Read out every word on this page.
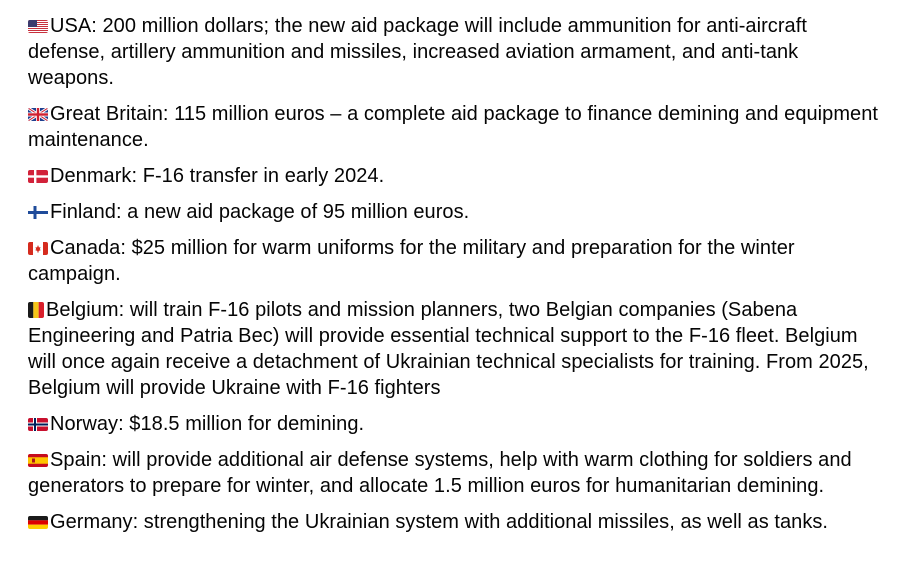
USA: 200 million dollars; the new aid package will include ammunition for anti-aircraft defense, artillery ammunition and missiles, increased aviation armament, and anti-tank weapons.

Great Britain: 115 million euros – a complete aid package to finance demining and equipment maintenance.

Denmark: F-16 transfer in early 2024.

Finland: a new aid package of 95 million euros.

Canada: $25 million for warm uniforms for the military and preparation for the winter campaign.

Belgium: will train F-16 pilots and mission planners, two Belgian companies (Sabena Engineering and Patria Bec) will provide essential technical support to the F-16 fleet. Belgium will once again receive a detachment of Ukrainian technical specialists for training. From 2025, Belgium will provide Ukraine with F-16 fighters

Norway: $18.5 million for demining.

Spain: will provide additional air defense systems, help with warm clothing for soldiers and generators to prepare for winter, and allocate 1.5 million euros for humanitarian demining.

Germany: strengthening the Ukrainian system with additional missiles, as well as tanks.
